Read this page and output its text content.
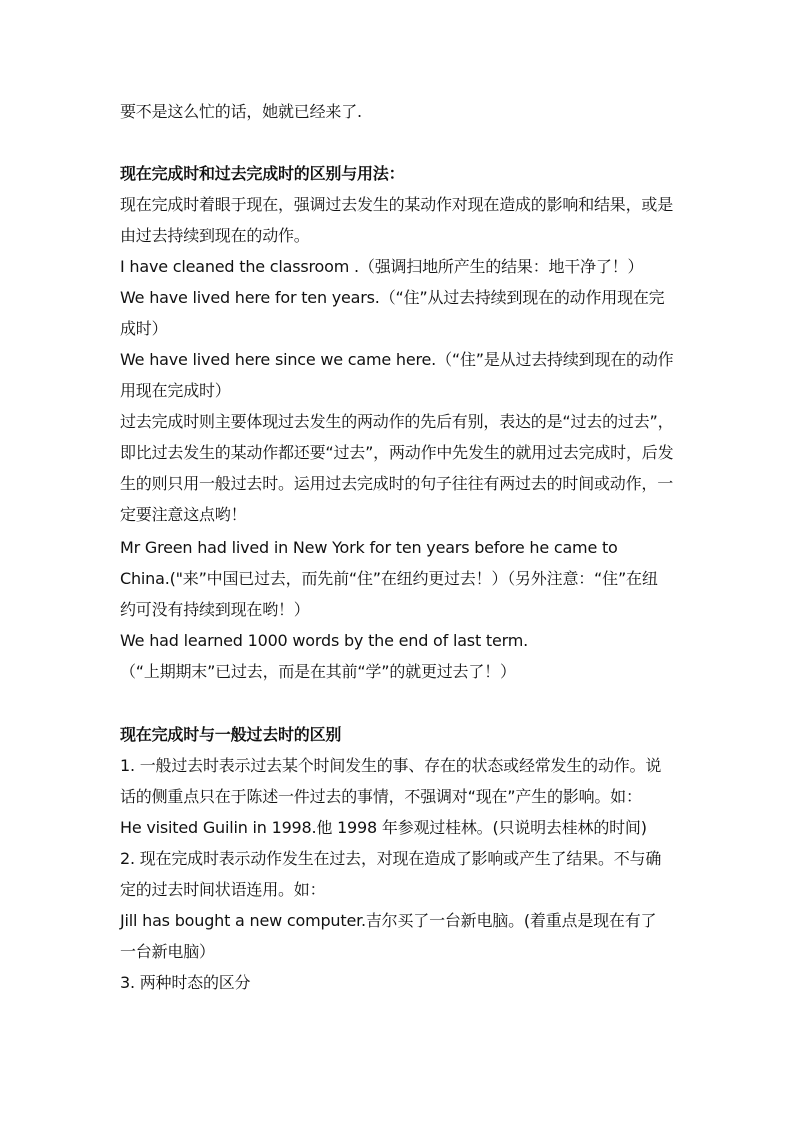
要不是这么忙的话，她就已经来了.
现在完成时和过去完成时的区别与用法：
现在完成时着眼于现在，强调过去发生的某动作对现在造成的影响和结果，或是
由过去持续到现在的动作。
I have cleaned the classroom .（强调扫地所产生的结果：地干净了！）
We have lived here for ten years.（“住”从过去持续到现在的动作用现在完
成时）
We have lived here since we came here.（“住”是从过去持续到现在的动作
用现在完成时）
过去完成时则主要体现过去发生的两动作的先后有别，表达的是“过去的过去”，
即比过去发生的某动作都还要“过去”，两动作中先发生的就用过去完成时，后发
生的则只用一般过去时。运用过去完成时的句子往往有两过去的时间或动作，一
定要注意这点哟！
Mr Green had lived in New York for ten years before he came to
China.("来”中国已过去，而先前“住”在纽约更过去！）（另外注意：“住”在纽
约可没有持续到现在哟！）
We had learned 1000 words by the end of last term.
（“上期期末”已过去，而是在其前“学”的就更过去了！）
现在完成时与一般过去时的区别
1. 一般过去时表示过去某个时间发生的事、存在的状态或经常发生的动作。说
话的侧重点只在于陈述一件过去的事情，不强调对“现在”产生的影响。如：
He visited Guilin in 1998.他 1998 年参观过桂林。(只说明去桂林的时间)
2. 现在完成时表示动作发生在过去，对现在造成了影响或产生了结果。不与确
定的过去时间状语连用。如：
Jill has bought a new computer.吉尔买了一台新电脑。(着重点是现在有了
一台新电脑）
3. 两种时态的区分
